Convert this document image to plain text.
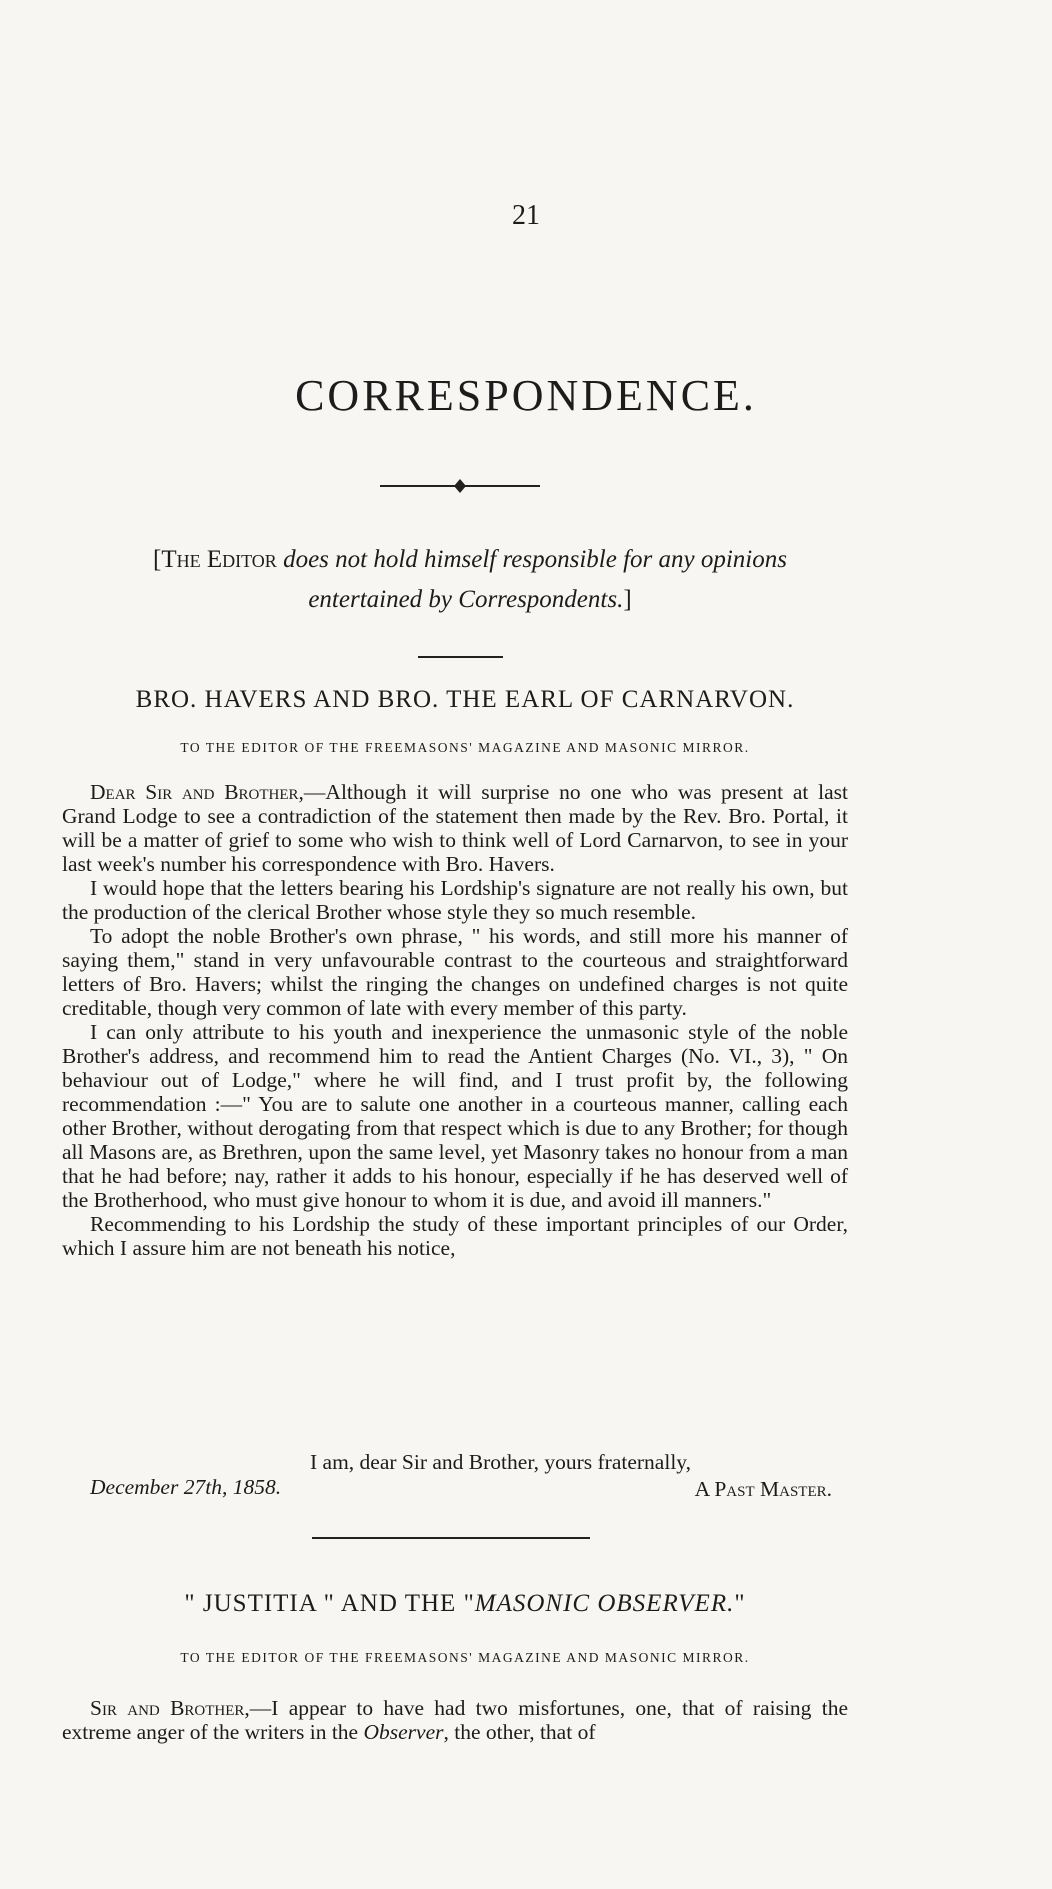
21
CORRESPONDENCE.
[The Editor does not hold himself responsible for any opinions
entertained by Correspondents.]
BRO. HAVERS AND BRO. THE EARL OF CARNARVON.
TO THE EDITOR OF THE FREEMASONS' MAGAZINE AND MASONIC MIRROR.

Dear Sir and Brother,—Although it will surprise no one who was present at last Grand Lodge to see a contradiction of the statement then made by the Rev. Bro. Portal, it will be a matter of grief to some who wish to think well of Lord Carnarvon, to see in your last week's number his correspondence with Bro. Havers.

I would hope that the letters bearing his Lordship's signature are not really his own, but the production of the clerical Brother whose style they so much resemble.

To adopt the noble Brother's own phrase, " his words, and still more his manner of saying them," stand in very unfavourable contrast to the courteous and straightforward letters of Bro. Havers; whilst the ringing the changes on undefined charges is not quite creditable, though very common of late with every member of this party.

I can only attribute to his youth and inexperience the unmasonic style of the noble Brother's address, and recommend him to read the Antient Charges (No. VI., 3), " On behaviour out of Lodge," where he will find, and I trust profit by, the following recommendation :—" You are to salute one another in a courteous manner, calling each other Brother, without derogating from that respect which is due to any Brother; for though all Masons are, as Brethren, upon the same level, yet Masonry takes no honour from a man that he had before; nay, rather it adds to his honour, especially if he has deserved well of the Brotherhood, who must give honour to whom it is due, and avoid ill manners."

Recommending to his Lordship the study of these important principles of our Order, which I assure him are not beneath his notice,

I am, dear Sir and Brother, yours fraternally,
December 27th, 1858.	A Past Master.
" JUSTITIA " AND THE "MASONIC OBSERVER."
TO THE EDITOR OF THE FREEMASONS' MAGAZINE AND MASONIC MIRROR.

Sir and Brother,—I appear to have had two misfortunes, one, that of raising the extreme anger of the writers in the Observer, the other, that of
